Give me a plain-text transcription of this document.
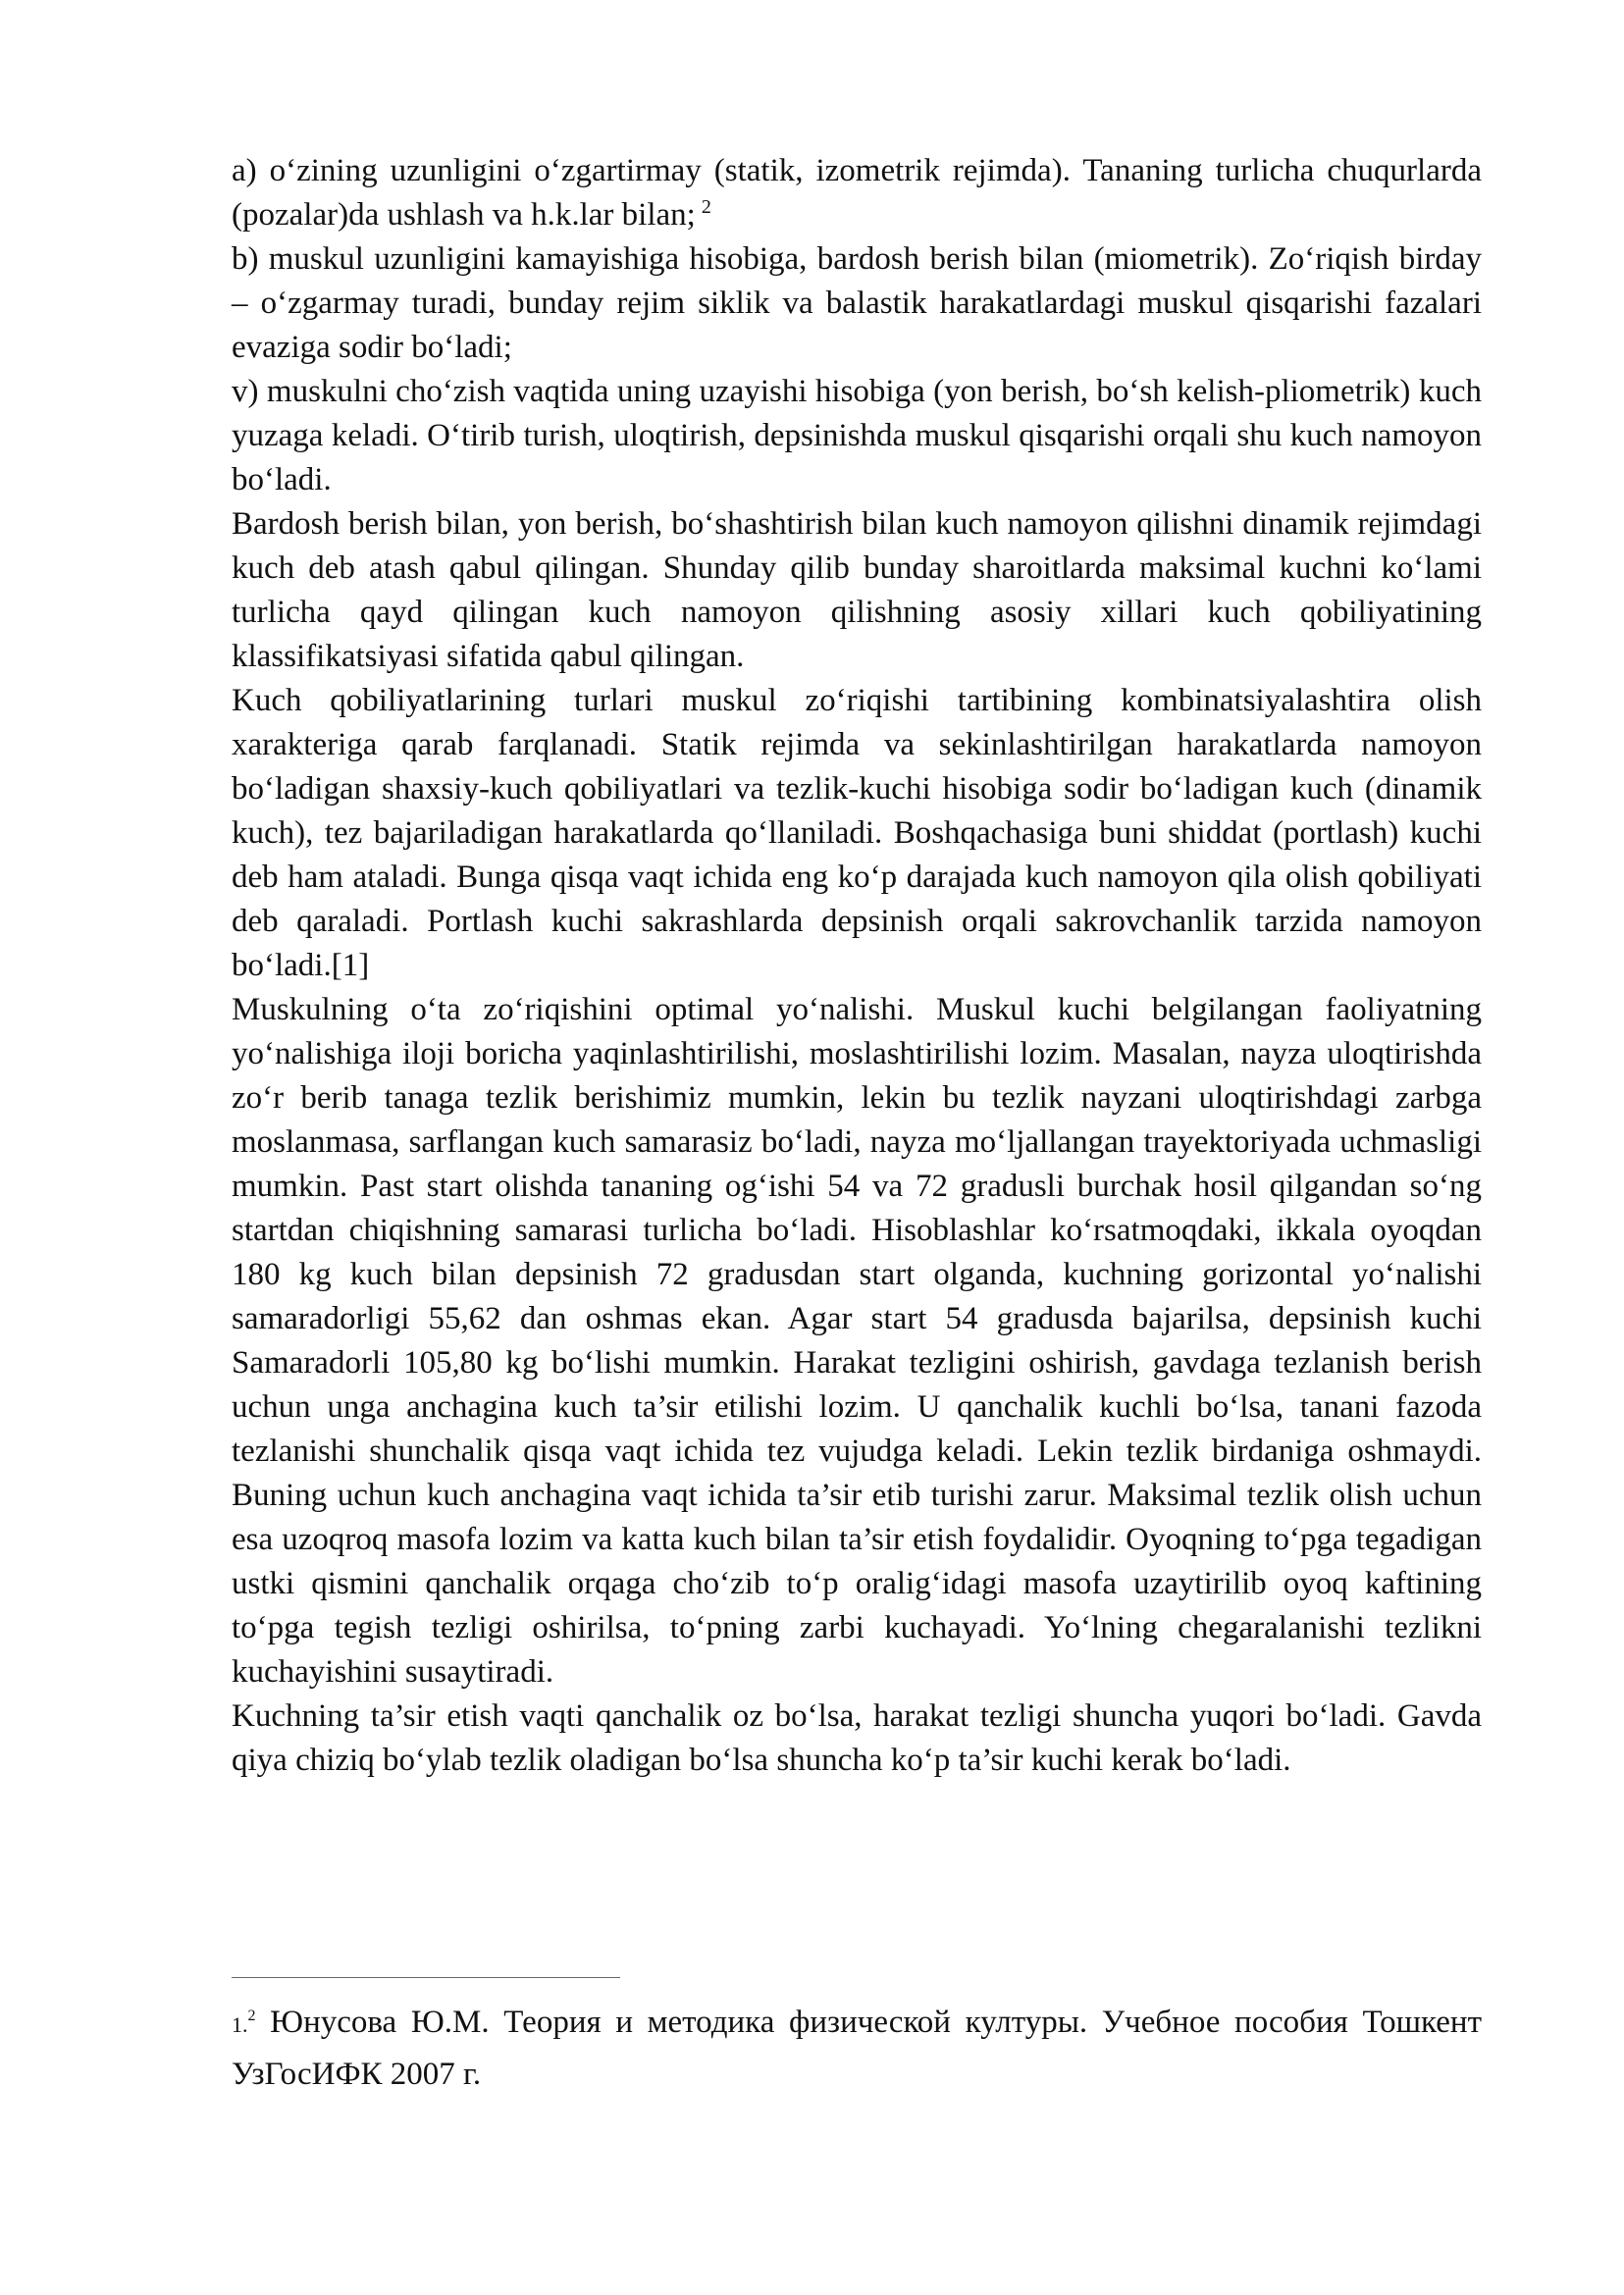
a) o‘zining uzunligini o‘zgartirmay (statik, izometrik rejimda). Tananing turlicha chuqurlarda (pozalar)da ushlash va h.k.lar bilan; $^2$

b) muskul uzunligini kamayishiga hisobiga, bardosh berish bilan (miometrik). Zo‘riqish birday – o‘zgarmay turadi, bunday rejim siklik va balastik harakatlardagi muskul qisqarishi fazalari evaziga sodir bo‘ladi;

v) muskulni cho‘zish vaqtida uning uzayishi hisobiga (yon berish, bo‘sh kelish-pliometrik) kuch yuzaga keladi. O‘tirib turish, uloqtirish, depsinishda muskul qisqarishi orqali shu kuch namoyon bo‘ladi.

Bardosh berish bilan, yon berish, bo‘shashtirish bilan kuch namoyon qilishni dinamik rejimdagi kuch deb atash qabul qilingan. Shunday qilib bunday sharoitlarda maksimal kuchni ko‘lami turlicha qayd qilingan kuch namoyon qilishning asosiy xillari kuch qobiliyatining klassifikatsiyasi sifatida qabul qilingan.

Kuch qobiliyatlarining turlari muskul zo‘riqishi tartibining kombinatsiyalashtira olish xarakteriga qarab farqlanadi. Statik rejimda va sekinlashtirilgan harakatlarda namoyon bo‘ladigan shaxsiy-kuch qobiliyatlari va tezlik-kuchi hisobiga sodir bo‘ladigan kuch (dinamik kuch), tez bajariladigan harakatlarda qo‘llaniladi. Boshqachasiga buni shiddat (portlash) kuchi deb ham ataladi. Bunga qisqa vaqt ichida eng ko‘p darajada kuch namoyon qila olish qobiliyati deb qaraladi. Portlash kuchi sakrashlarda depsinish orqali sakrovchanlik tarzida namoyon bo‘ladi.[1]

Muskulning o‘ta zo‘riqishini optimal yo‘nalishi. Muskul kuchi belgilangan faoliyatning yo‘nalishiga iloji boricha yaqinlashtirilishi, moslashtirilishi lozim. Masalan, nayza uloqtirishda zo‘r berib tanaga tezlik berishimiz mumkin, lekin bu tezlik nayzani uloqtirishdagi zarbga moslanmasa, sarflangan kuch samarasiz bo‘ladi, nayza mo‘ljallangan trayektoriyada uchmasligi mumkin. Past start olishda tananing og‘ishi 54 va 72 gradusli burchak hosil qilgandan so‘ng startdan chiqishning samarasi turlicha bo‘ladi. Hisoblashlar ko‘rsatmoqdaki, ikkala oyoqdan 180 kg kuch bilan depsinish 72 gradusdan start olganda, kuchning gorizontal yo‘nalishi samaradorligi 55,62 dan oshmas ekan. Agar start 54 gradusda bajarilsa, depsinish kuchi Samaradorli 105,80 kg bo‘lishi mumkin. Harakat tezligini oshirish, gavdaga tezlanish berish uchun unga anchagina kuch ta’sir etilishi lozim. U qanchalik kuchli bo‘lsa, tanani fazoda tezlanishi shunchalik qisqa vaqt ichida tez vujudga keladi. Lekin tezlik birdaniga oshmaydi. Buning uchun kuch anchagina vaqt ichida ta’sir etib turishi zarur. Maksimal tezlik olish uchun esa uzoqroq masofa lozim va katta kuch bilan ta’sir etish foydalidir. Oyoqning to‘pga tegadigan ustki qismini qanchalik orqaga cho‘zib to‘p oralig‘idagi masofa uzaytirilib oyoq kaftining to‘pga tegish tezligi oshirilsa, to‘pning zarbi kuchayadi. Yo‘lning chegaralanishi tezlikni kuchayishini susaytiradi.

Kuchning ta’sir etish vaqti qanchalik oz bo‘lsa, harakat tezligi shuncha yuqori bo‘ladi. Gavda qiya chiziq bo‘ylab tezlik oladigan bo‘lsa shuncha ko‘p ta’sir kuchi kerak bo‘ladi.

1.$^2$ Юнусова Ю.М. Теория и методика физической културы. Учебное пособия Тошкент УзГосИФК 2007 г.
